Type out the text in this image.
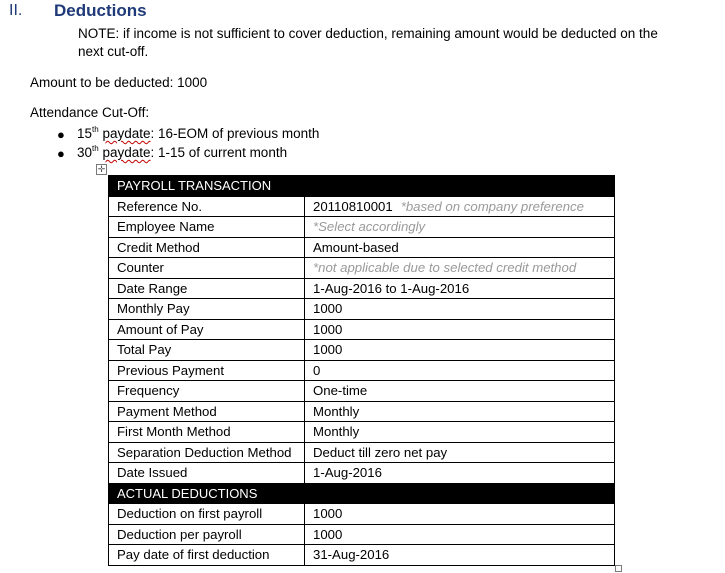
II. Deductions
NOTE: if income is not sufficient to cover deduction, remaining amount would be deducted on the next cut-off.
Amount to be deducted: 1000
Attendance Cut-Off:
● 15th paydate: 16-EOM of previous month
● 30th paydate: 1-15 of current month
✛
PAYROLL TRANSACTION	
Reference No.	20110810001 *based on company preference
Employee Name	*Select accordingly
Credit Method	Amount-based
Counter	*not applicable due to selected credit method
Date Range	1-Aug-2016 to 1-Aug-2016
Monthly Pay	1000
Amount of Pay	1000
Total Pay	1000
Previous Payment	0
Frequency	One-time
Payment Method	Monthly
First Month Method	Monthly
Separation Deduction Method	Deduct till zero net pay
Date Issued	1-Aug-2016
ACTUAL DEDUCTIONS	
Deduction on first payroll	1000
Deduction per payroll	1000
Pay date of first deduction	31-Aug-2016
